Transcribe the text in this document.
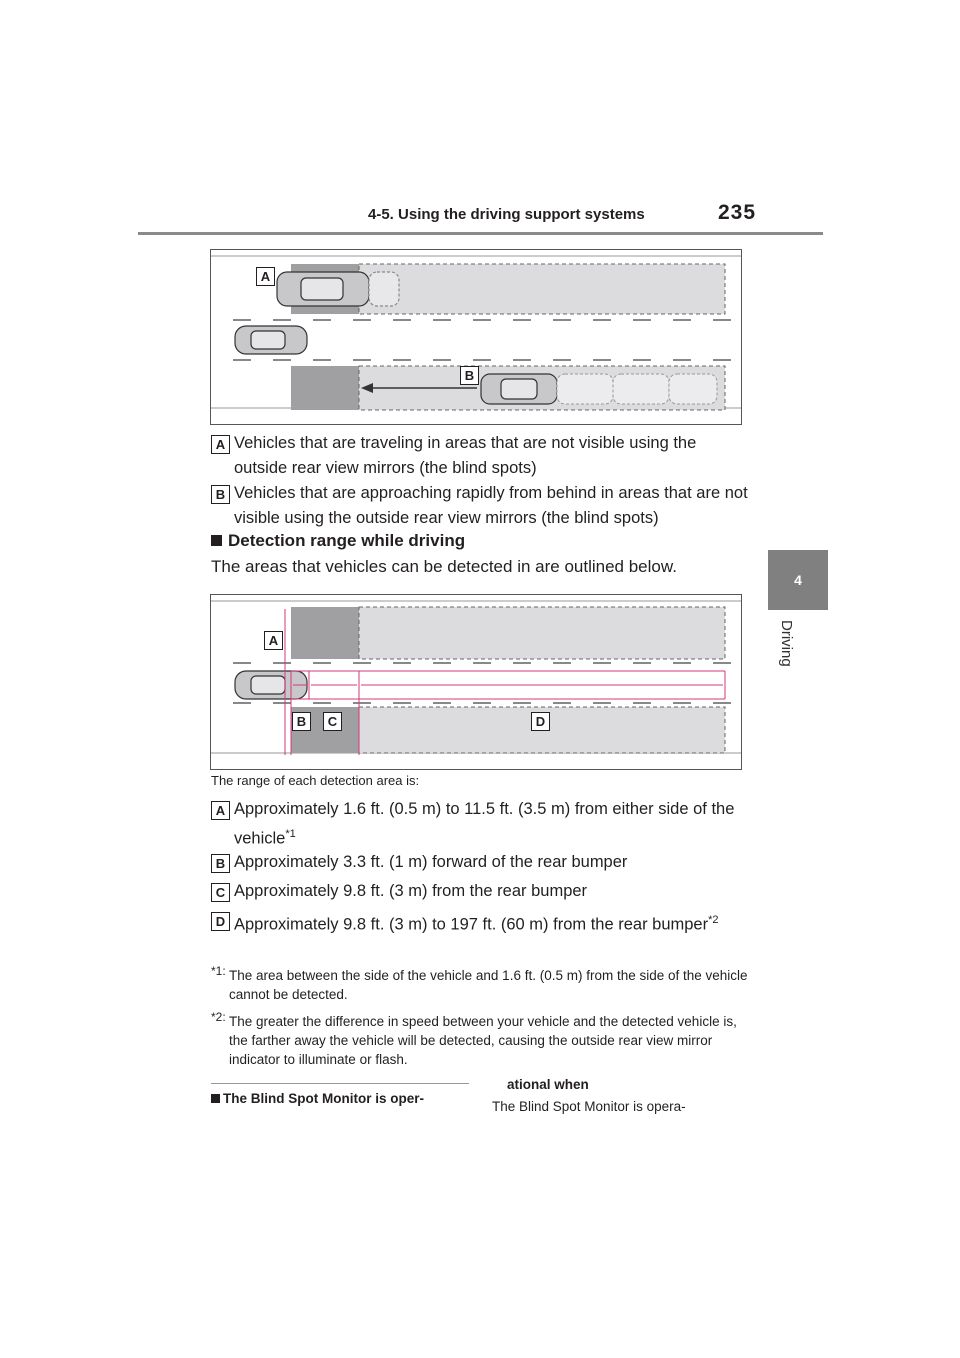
4-5. Using the driving support systems	235
4
Driving
A
B
A Vehicles that are traveling in areas that are not visible using the outside rear view mirrors (the blind spots)
B Vehicles that are approaching rapidly from behind in areas that are not visible using the outside rear view mirrors (the blind spots)
Detection range while driving
The areas that vehicles can be detected in are outlined below.
A
B	C	D
The range of each detection area is:
A Approximately 1.6 ft. (0.5 m) to 11.5 ft. (3.5 m) from either side of the vehicle$^{*1}$
B Approximately 3.3 ft. (1 m) forward of the rear bumper
C Approximately 9.8 ft. (3 m) from the rear bumper
D Approximately 9.8 ft. (3 m) to 197 ft. (60 m) from the rear bumper$^{*2}$
*1: The area between the side of the vehicle and 1.6 ft. (0.5 m) from the side of the vehicle cannot be detected.
*2: The greater the difference in speed between your vehicle and the detected vehicle is, the farther away the vehicle will be detected, causing the outside rear view mirror indicator to illuminate or flash.
The Blind Spot Monitor is oper-
ational when
The Blind Spot Monitor is opera-
